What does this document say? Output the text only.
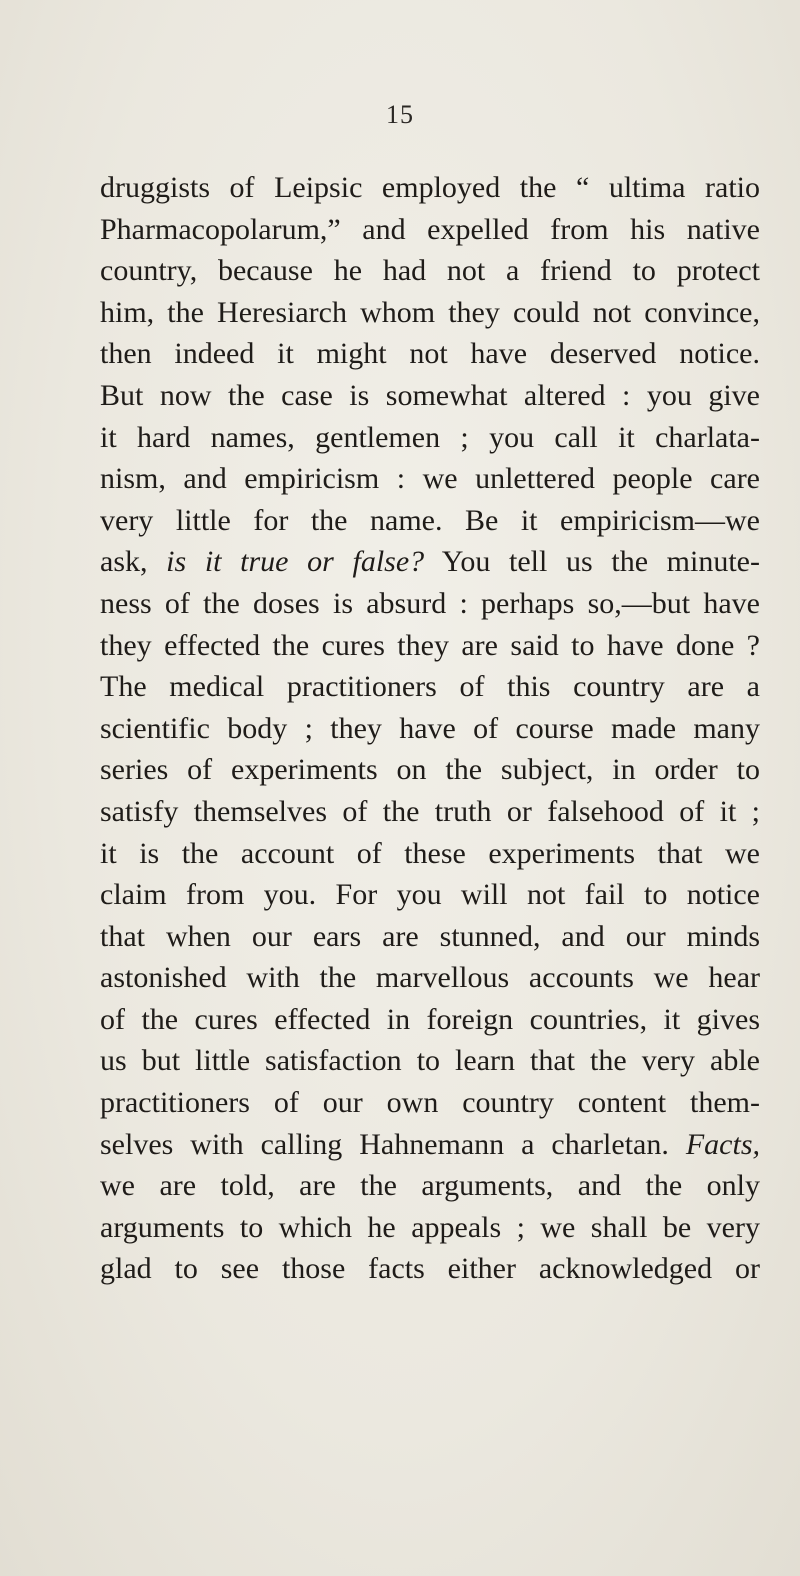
15
druggists of Leipsic employed the “ ultima ratio
Pharmacopolarum,” and expelled from his native
country, because he had not a friend to protect
him, the Heresiarch whom they could not convince,
then indeed it might not have deserved notice.
But now the case is somewhat altered : you give
it hard names, gentlemen ; you call it charlata-
nism, and empiricism : we unlettered people care
very little for the name. Be it empiricism—we
ask, is it true or false? You tell us the minute-
ness of the doses is absurd : perhaps so,—but have
they effected the cures they are said to have done ?
The medical practitioners of this country are a
scientific body ; they have of course made many
series of experiments on the subject, in order to
satisfy themselves of the truth or falsehood of it ;
it is the account of these experiments that we
claim from you. For you will not fail to notice
that when our ears are stunned, and our minds
astonished with the marvellous accounts we hear
of the cures effected in foreign countries, it gives
us but little satisfaction to learn that the very able
practitioners of our own country content them-
selves with calling Hahnemann a charletan. Facts,
we are told, are the arguments, and the only
arguments to which he appeals ; we shall be very
glad to see those facts either acknowledged or
